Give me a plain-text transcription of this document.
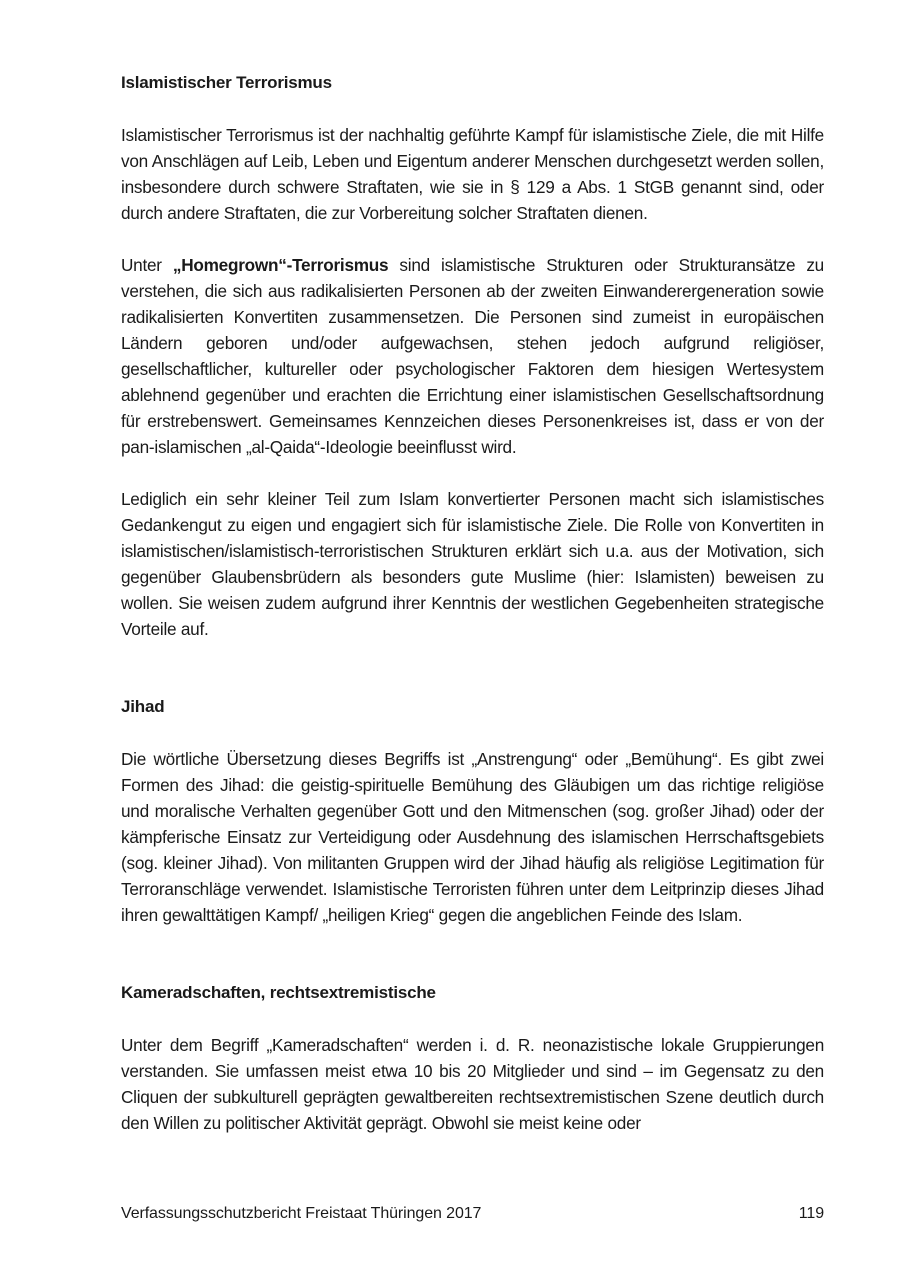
Islamistischer Terrorismus

Islamistischer Terrorismus ist der nachhaltig geführte Kampf für islamistische Ziele, die mit Hilfe von Anschlägen auf Leib, Leben und Eigentum anderer Menschen durchgesetzt werden sollen, insbesondere durch schwere Straftaten, wie sie in § 129 a Abs. 1 StGB genannt sind, oder durch andere Straftaten, die zur Vorbereitung solcher Straftaten dienen.

Unter „Homegrown“-Terrorismus sind islamistische Strukturen oder Strukturansätze zu verstehen, die sich aus radikalisierten Personen ab der zweiten Einwanderergeneration sowie radikalisierten Konvertiten zusammensetzen. Die Personen sind zumeist in europäischen Ländern geboren und/oder aufgewachsen, stehen jedoch aufgrund religiöser, gesellschaftlicher, kultureller oder psychologischer Faktoren dem hiesigen Wertesystem ablehnend gegenüber und erachten die Errichtung einer islamistischen Gesellschaftsordnung für erstrebenswert. Gemeinsames Kennzeichen dieses Personenkreises ist, dass er von der pan-islamischen „al-Qaida“-Ideologie beeinflusst wird.

Lediglich ein sehr kleiner Teil zum Islam konvertierter Personen macht sich islamistisches Gedankengut zu eigen und engagiert sich für islamistische Ziele. Die Rolle von Konvertiten in islamistischen/islamistisch-terroristischen Strukturen erklärt sich u.a. aus der Motivation, sich gegenüber Glaubensbrüdern als besonders gute Muslime (hier: Islamisten) beweisen zu wollen. Sie weisen zudem aufgrund ihrer Kenntnis der westlichen Gegebenheiten strategische Vorteile auf.

Jihad

Die wörtliche Übersetzung dieses Begriffs ist „Anstrengung“ oder „Bemühung“. Es gibt zwei Formen des Jihad: die geistig-spirituelle Bemühung des Gläubigen um das richtige religiöse und moralische Verhalten gegenüber Gott und den Mitmenschen (sog. großer Jihad) oder der kämpferische Einsatz zur Verteidigung oder Ausdehnung des islamischen Herrschaftsgebiets (sog. kleiner Jihad). Von militanten Gruppen wird der Jihad häufig als religiöse Legitimation für Terroranschläge verwendet. Islamistische Terroristen führen unter dem Leitprinzip dieses Jihad ihren gewalttätigen Kampf/ „heiligen Krieg“ gegen die angeblichen Feinde des Islam.

Kameradschaften, rechtsextremistische

Unter dem Begriff „Kameradschaften“ werden i. d. R. neonazistische lokale Gruppierungen verstanden. Sie umfassen meist etwa 10 bis 20 Mitglieder und sind – im Gegensatz zu den Cliquen der subkulturell geprägten gewaltbereiten rechtsextremistischen Szene deutlich durch den Willen zu politischer Aktivität geprägt. Obwohl sie meist keine oder

Verfassungsschutzbericht Freistaat Thüringen 2017	119
